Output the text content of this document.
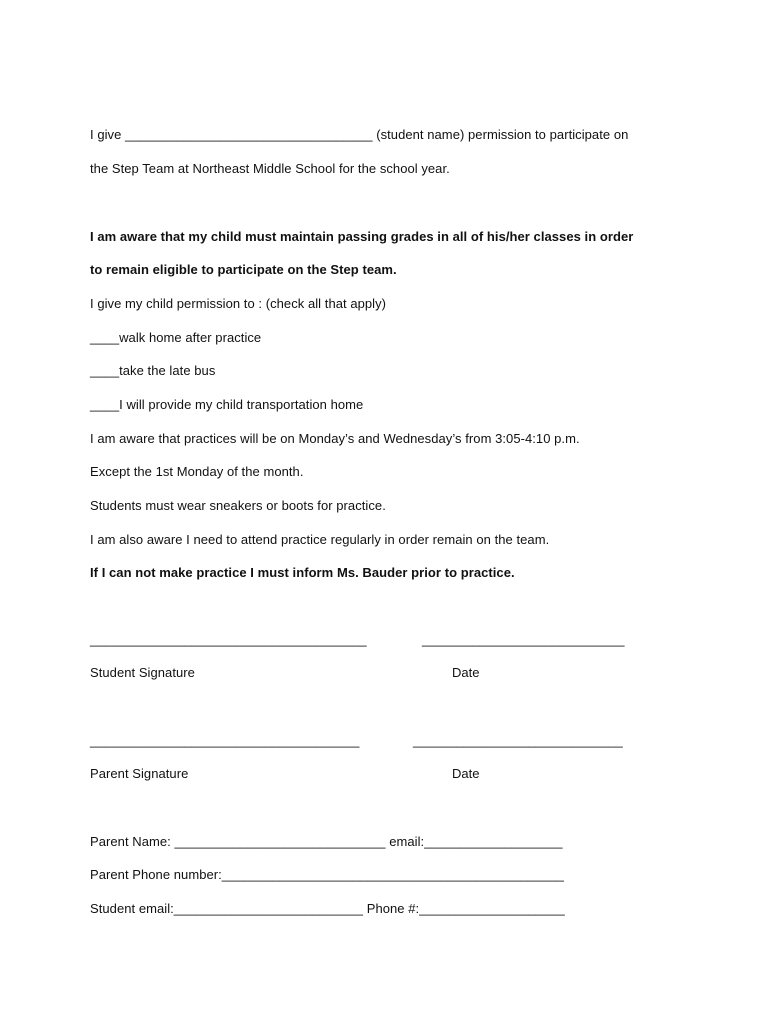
I give __________________________________ (student name) permission to participate on
the Step Team at Northeast Middle School for the school year.
I am aware that my child must maintain passing grades in all of his/her classes in order
to remain eligible to participate on the Step team.
I give my child permission to : (check all that apply)
____walk home after practice
____take the late bus
____I will provide my child transportation home
I am aware that practices will be on Monday’s and Wednesday’s from 3:05-4:10 p.m.
Except the 1st Monday of the month.
Students must wear sneakers or boots for practice.
I am also aware I need to attend practice regularly in order remain on the team.
If I can not make practice I must inform Ms. Bauder prior to practice.
______________________________________	____________________________
Student Signature	Date
_____________________________________	_____________________________
Parent Signature	Date
Parent Name: _____________________________ email:___________________
Parent Phone number:_______________________________________________
Student email:__________________________ Phone #:____________________
